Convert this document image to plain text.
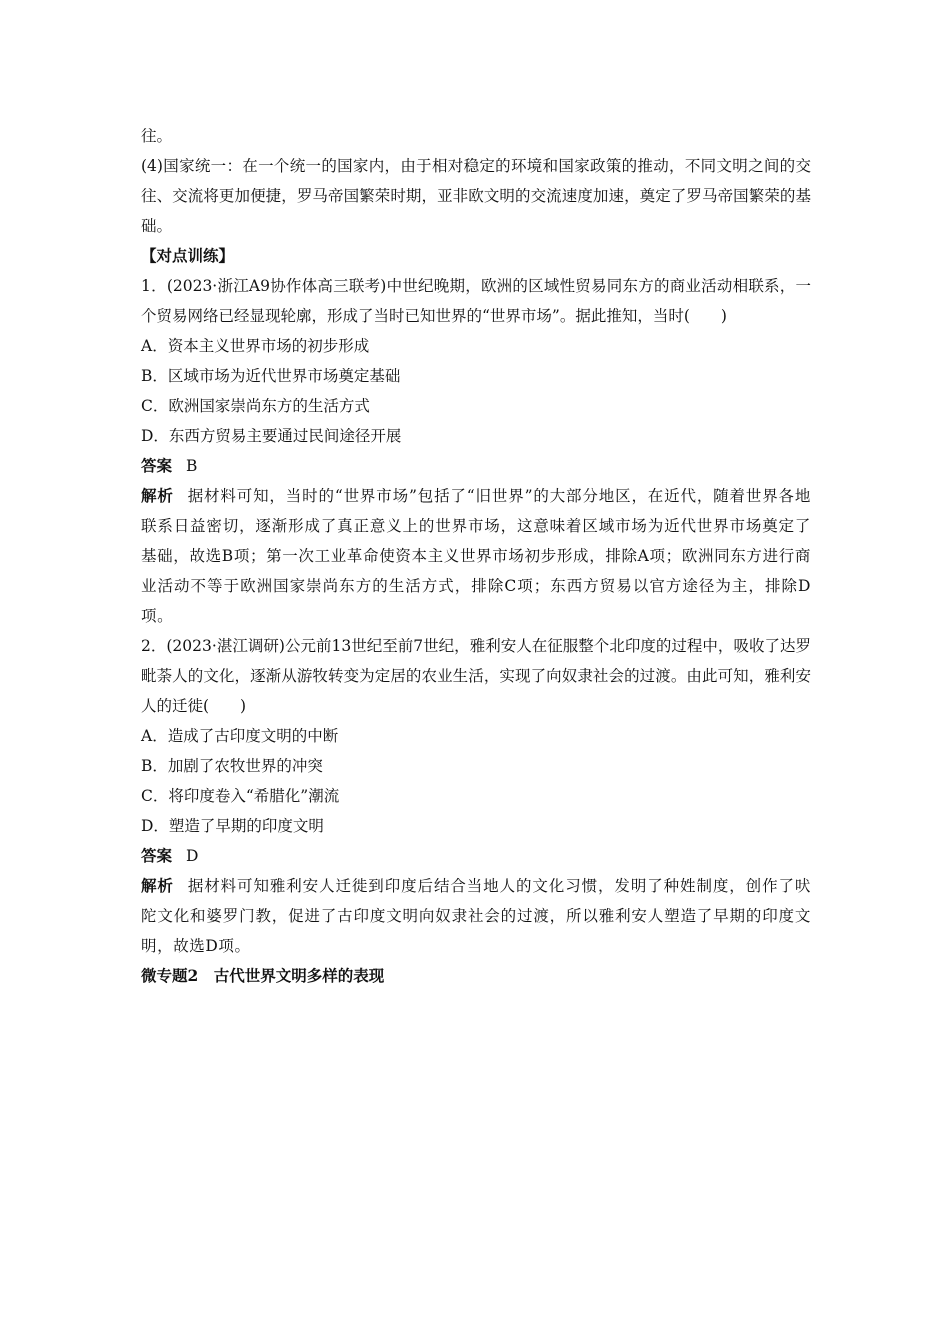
往。

(4)国家统一：在一个统一的国家内，由于相对稳定的环境和国家政策的推动，不同文明之间的交往、交流将更加便捷，罗马帝国繁荣时期，亚非欧文明的交流速度加速，奠定了罗马帝国繁荣的基础。

【对点训练】

1．(2023·浙江A9协作体高三联考)中世纪晚期，欧洲的区域性贸易同东方的商业活动相联系，一个贸易网络已经显现轮廓，形成了当时已知世界的“世界市场”。据此推知，当时(　　)

A．资本主义世界市场的初步形成

B．区域市场为近代世界市场奠定基础

C．欧洲国家崇尚东方的生活方式

D．东西方贸易主要通过民间途径开展

答案 B

解析 据材料可知，当时的“世界市场”包括了“旧世界”的大部分地区，在近代，随着世界各地联系日益密切，逐渐形成了真正意义上的世界市场，这意味着区域市场为近代世界市场奠定了基础，故选B项；第一次工业革命使资本主义世界市场初步形成，排除A项；欧洲同东方进行商业活动不等于欧洲国家崇尚东方的生活方式，排除C项；东西方贸易以官方途径为主，排除D项。

2．(2023·湛江调研)公元前13世纪至前7世纪，雅利安人在征服整个北印度的过程中，吸收了达罗毗荼人的文化，逐渐从游牧转变为定居的农业生活，实现了向奴隶社会的过渡。由此可知，雅利安人的迁徙(　　)

A．造成了古印度文明的中断

B．加剧了农牧世界的冲突

C．将印度卷入“希腊化”潮流

D．塑造了早期的印度文明

答案 D

解析 据材料可知雅利安人迁徙到印度后结合当地人的文化习惯，发明了种姓制度，创作了吠陀文化和婆罗门教，促进了古印度文明向奴隶社会的过渡，所以雅利安人塑造了早期的印度文明，故选D项。

微专题2　古代世界文明多样的表现
